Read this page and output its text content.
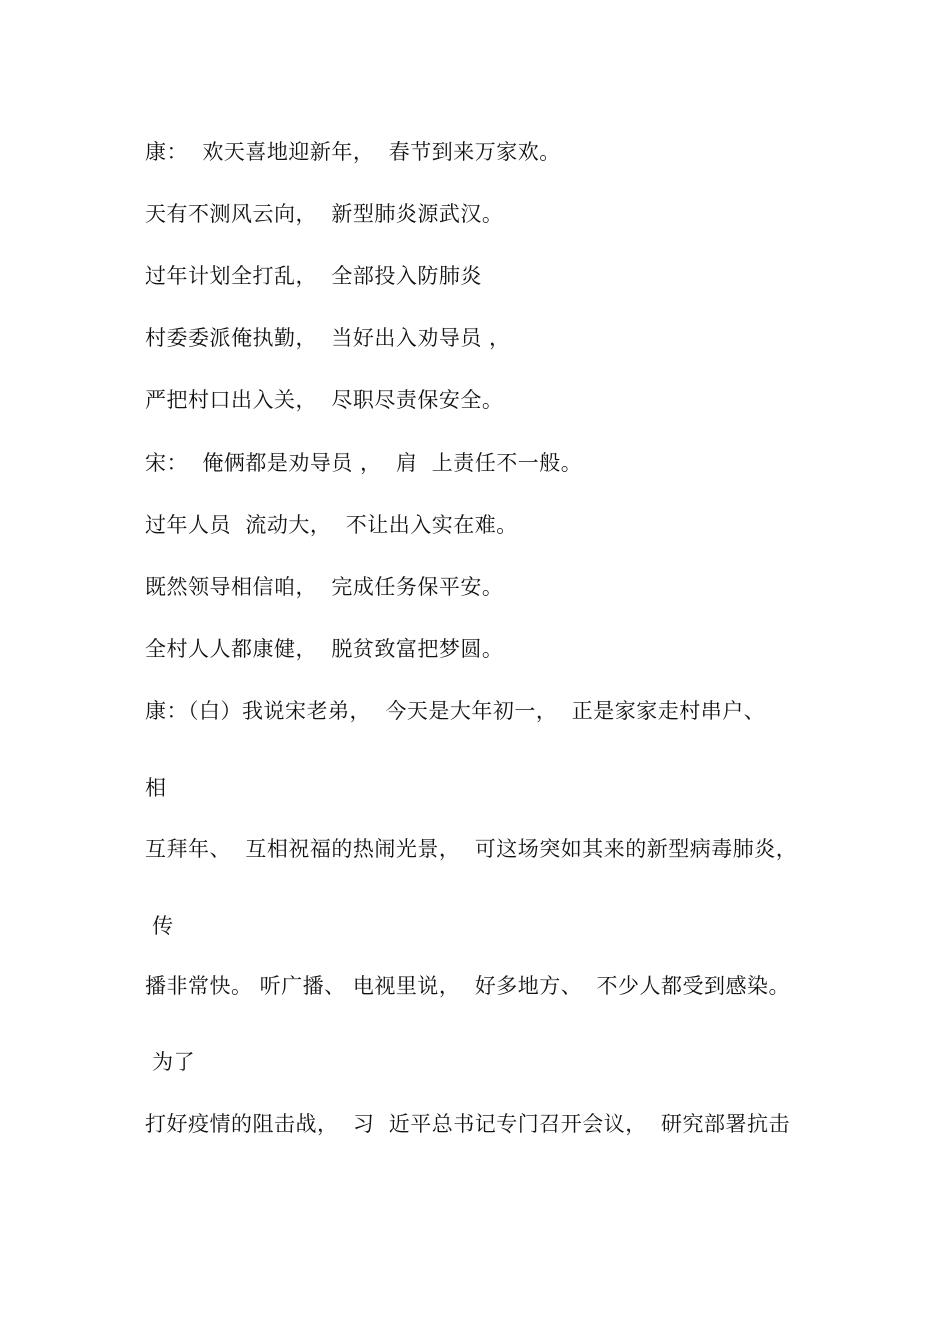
康：  欢天喜地迎新年，  春节到来万家欢。
天有不测风云向，  新型肺炎源武汉。
过年计划全打乱，  全部投入防肺炎
村委委派俺执勤，  当好出入劝导员 ，
严把村口出入关，  尽职尽责保安全。
宋：  俺俩都是劝导员 ，  肩  上责任不一般。
过年人员  流动大，  不让出入实在难。
既然领导相信咱，  完成任务保平安。
全村人人都康健，  脱贫致富把梦圆。
康：（白）我说宋老弟，  今天是大年初一，  正是家家走村串户、
相
互拜年、  互相祝福的热闹光景，  可这场突如其来的新型病毒肺炎，
传
播非常快。 听广播、 电视里说，  好多地方、  不少人都受到感染。
为了
打好疫情的阻击战，  习  近平总书记专门召开会议，  研究部署抗击
